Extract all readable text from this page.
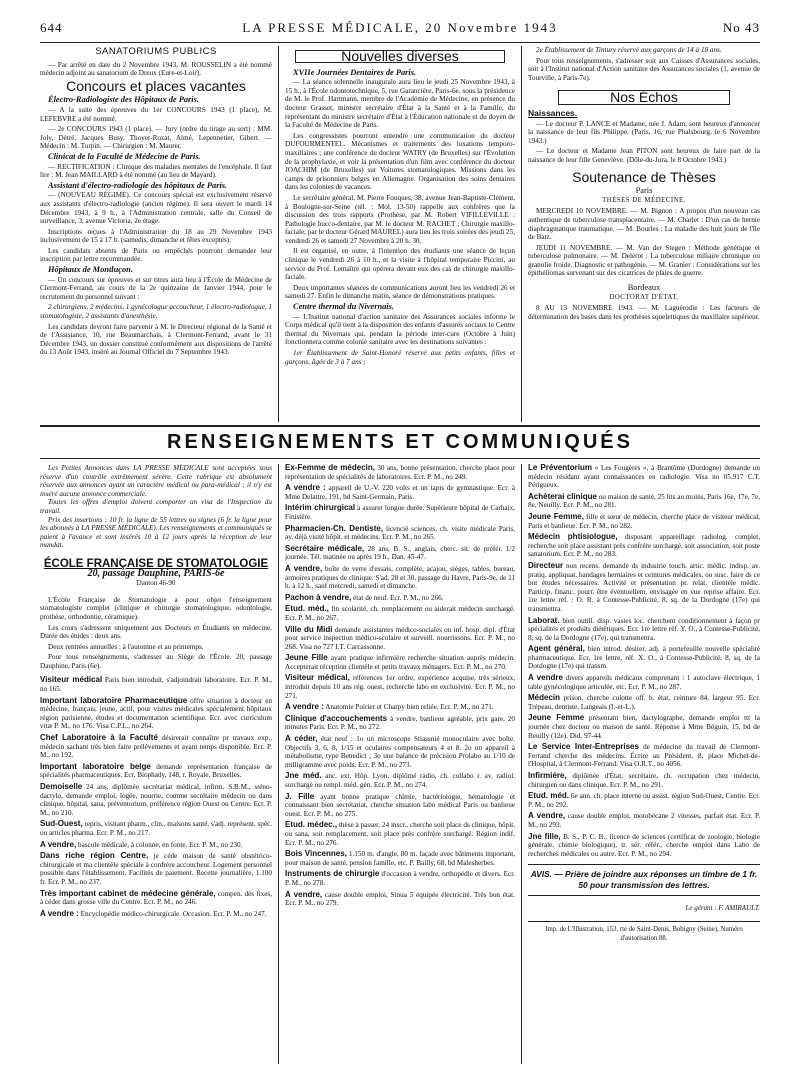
644	LA PRESSE MÉDICALE, 20 Novembre 1943	No 43
SANATORIUMS PUBLICS

— Par arrêté en date du 2 Novembre 1943, M. ROUSSELIN a été nommé médecin adjoint au sanatorium de Dreux (Eure-et-Loir).

Concours et places vacantes
Électro-Radiologiste des Hôpitaux de Paris.

— A la suite des épreuves du 1er CONCOURS 1943 (1 place), M. LEFEBVRE a été nommé.

— 2e CONCOURS 1943 (1 place). — Jury (ordre du tirage au sort) : MM. Joly, Détré, Jacques Busy, Thoyer-Rozat, Aimé, Lepennetier, Gibert. — Médecin : M. Turpin. — Chirurgien : M. Maurer.

Clinicat de la Faculté de Médecine de Paris.

— RECTIFICATION : Clinique des maladies mentales de l'encéphale. Il faut lire : M. Jean MAILLARD à été nommé (au lieu de Mayard).

Assistant d'électro-radiologie des hôpitaux de Paris.

— (NOUVEAU RÉGIME). Ce concours spécial est exclusivement réservé aux assistants d'électro-radiologie (ancien régime). Il sera ouvert le mardi 14 Décembre 1943, à 9 h., à l'Administration centrale, salle du Conseil de surveillance, 3, avenue Victoria, 2e étage.

Inscriptions reçues à l'Administration du 18 au 29 Novembre 1943 inclusivement de 15 à 17 h. (samedis, dimanche et fêtes exceptés).

Les candidats absents de Paris ou empêchés pourront demander leur inscription par lettre recommandée.

Hôpitaux de Montluçon.

— Un concours sur épreuves et sur titres aura lieu à l'École de Médecine de Clermont-Ferrand, au cours de la 2e quinzaine de Janvier 1944, pour le recrutement du personnel suivant :

2 chirurgiens, 2 médecins, 1 gynécologue accoucheur, 1 électro-radiologue, 1 stomatologiste, 2 assistants d'anesthésie.

Les candidats devront faire parvenir à M. le Directeur régional de la Santé et de l'Assistance, 10, rue Beaumarchais, à Clermont-Ferrand, avant le 31 Décembre 1943, un dossier constitué conformément aux dispositions de l'arrêté du 13 Août 1943, inséré au Journal Officiel du 7 Septembre 1943.

Nouvelles diverses
XVIIe Journées Dentaires de Paris.

— La séance solennelle inaugurale aura lieu le jeudi 25 Novembre 1943, à 15 h., à l'École odontotechnique, 5, rue Garancière, Paris-6e, sous la présidence de M. le Prof. Hartmann, membre de l'Académie de Médecine, en présence du docteur Grasset, ministre secrétaire d'État à la Santé et à la Famille, du représentant du ministre secrétaire d'État à l'Éducation nationale et du doyen de la Faculté de Médecine de Paris.

Les congressistes pourront entendre une communication du docteur DUFOURMENTEL. Mécanismes et traitements des luxations temporo-maxillaires ; une conférence du docteur WATRY (de Bruxelles) sur l'Évolution de la prophylaxie, et voir la présentation d'un film avec conférence du docteur JOACHIM (de Bruxelles) sur Voitures stomatologiques. Missions dans les camps de prisonniers belges en Allemagne. Organisation des soins dentaires dans les colonies de vacances.

Le secrétaire général, M. Pierre Fouques, 38, avenue Jean-Baptiste-Clément, à Boulogne-sur-Seine (tél. : Mol. 13-50) rappelle aux confrères que la discussion des trois rapports (Prothèse, par M. Robert VIFILLEVILLE : Pathologie bucco-dentaire, par M. le docteur M. RACHET ; Chirurgie maxillo-faciale, par le docteur Gérard MAUREL) aura lieu les trois soirées des jeudi 25, vendredi 26 et samedi 27 Novembre à 20 h. 30.

Il est organisé, en outre, à l'intention des étudiants une séance de leçon clinique le vendredi 26 à 10 h., et la visite à l'hôpital temporaire Piccini, au service du Prof. Lemaître qui opérera devant eux des cas de chirurgie maxillo-faciale.

Deux importantes séances de communications auront lieu les vendredi 26 et samedi 27. Enfin le dimanche matin, séance de démonstrations pratiques.

Centre thermal du Nivernais.

— L'Institut national d'action sanitaire des Assurances sociales informe le Corps médical qu'il tient à la disposition des enfants d'assurés sociaux le Centre thermal du Nivernais qui, pendant la période inter-cure (Octobre à Juin) fonctionnera comme colonie sanitaire avec les destinations suivantes :

1er Établissement de Saint-Honoré réservé aux petits enfants, filles et garçons, âgés de 3 à 7 ans ;

2e Établissement de Tintury réservé aux garçons de 14 à 18 ans.

Pour tous renseignements, s'adresser soit aux Caisses d'Assurances sociales, soit à l'Institut national d'Action sanitaire des Assurances sociales (1, avenue de Tourville, à Paris-7e).

Nos Échos
Naissances.

— Le docteur P. LANCE et Madame, née J. Adam, sont heureux d'annoncer la naissance de leur fils Philippe. (Paris, 16, rue Phalsbourg, le 6 Novembre 1943.)

— Le docteur et Madame Jean PITON sont heureux de faire part de la naissance de leur fille Geneviève. (Dôle-du-Jura, le 8 Octobre 1943.)

Soutenance de Thèses
Paris
THÈSES DE MÉDECINE.

MERCREDI 10 NOVEMBRE. — M. Bignon : A propos d'un nouveau cas authentique de tuberculose transplacentaire. — M. Charlet : D'un cas de hernie diaphragmatique traumatique. — M. Bourles : La maladie des huit jours de l'île de Batz.

JEUDI 11 NOVEMBRE. — M. Van der Stegen : Méthode génétique et tuberculose pulmonaire. — M. Delérot : La tuberculose miliaire chronique ou granulie froide. Diagnostic et pathogénie. — M. Granier : Considérations sur les épithéliomas survenant sur des cicatrices de plaies de guerre.

Bordeaux
DOCTORAT D'ÉTAT.

8 AU 13 NOVEMBRE 1943. — M. Laguérodie : Les facteurs de détermination des bases dans les prothèses squelettiques du maxillaire supérieur.

RENSEIGNEMENTS ET COMMUNIQUÉS

Les Petites Annonces dans LA PRESSE MÉDICALE sont acceptées sous réserve d'un contrôle extrêmement sévère. Cette rubrique est absolument réservée aux annonces ayant un caractère médical ou para-médical ; il n'y est inséré aucune annonce commerciale.

Toutes les offres d'emploi doivent comporter un visa de l'Inspection du travail.

Prix des insertions : 10 fr. la ligne de 55 lettres ou signes (6 fr. la ligne pour les abonnés à LA PRESSE MÉDICALE). Les renseignements et communiqués se paient à l'avance et sont insérés 10 à 12 jours après la réception de leur mandat.

ÉCOLE FRANÇAISE DE STOMATOLOGIE
20, passage Dauphine, PARIS-6e
Danton 46-90

L'École Française de Stomatologie a pour objet l'enseignement stomatologiste complet (clinique et chirurgie stomatologique, odontologie, prothèse, orthodontie, céramique).

Les cours s'adressent uniquement aux Docteurs et Étudiants en médecine. Durée des études : deux ans.

Deux rentrées annuelles : à l'automne et au printemps.

Pour tous renseignements, s'adresser au Siège de l'École. 20, passage Dauphine, Paris (6e).

Visiteur médical Paris bien introduit, s'adjoindrait laboratoire. Ecr. P. M., no 165.

Important laboratoire Pharmaceutique offre situation à docteur en médecine, français, jeune, actif, pour visites médicales spécialement hôpitaux région parisienne, études et documentation scientifique. Ecr. avec curriculum vitæ P. M., no 176. Visa C.P.L., no 264.

Chef Laboratoire à la Faculté désirerait connaître pr travaux exp., médecin sachant très bien faire prélèvements et ayant temps disponible. Ecr. P. M., no 192.

Important laboratoire belge demande représentation française de spécialités pharmaceutiques. Ecr. Biophady, 148, r. Royale, Bruxelles.

Demoiselle 24 ans, diplômée secrétariat médical, infirm. S.B.M., sténo-dactylo, demande emploi, logée, nourrie, comme secrétaire médecin ou dans clinique, hôpital, sana, préventorium, préférence région Ouest ou Centre. Ecr. P. M., no 210.

Sud-Ouest, repris, visitant pharm., clin., maisons santé, s'adj. représent. spéc. ou articles pharma. Ecr. P. M., no 217.

A vendre, bascule médicale, à colonne, en fonte. Ecr. P. M., no 230.

Dans riche région Centre, je céde maison de santé obstétrico-chirurgicale et ma clientèle spéciale à confrère accoucheur. Logement personnel possible dans l'établissement. Facilités de paiement. Recette journalière, 1.100 fr. Ecr. P. M., no 237.

Très important cabinet de médecine générale, compen. dès fixes, à céder dans grosse ville du Centre. Ecr. P. M., no 246.

A vendre : Encyclopédie médico-chirurgicale. Occasion. Ecr. P. M., no 247.

Ex-Femme de médecin, 30 ans, bonne présentation, cherche place pour représentation de spécialités de laboratoires. Ecr. P. M., no 249.

A vendre : appareil de U.-V. 220 volts et un tapis de gymnastique. Ecr. à Mme Delattre, 191, bd Saint-Germain, Paris.

Intérim chirurgical à assurer longue durée. Supérieure hôpital de Carhaix, Finistère.

Pharmacien-Ch. Dentiste, licencié sciences, ch. visite médicale Paris, ay. déjà visité hôpit. et médecins. Ecr. P. M., no 265.

Secrétaire médicale, 28 ans, B. S., anglais, cherc. sit. de préfér. 1/2 journée. Tél. matinée ou après 19 h., Dan. 45-47.

A vendre, boîte de verre d'essais, complète, acajou, sièges, tables, bureau, armoires pratiques de clinique. S'ad. 28 et 30, passage du Havre, Paris-9e, de 11 h. à 12 h., sauf mercredi, samedi et dimanche.

Pachon à vendre, état de neuf. Ecr. P. M., no 266.

Etud. méd., fin scolarité, ch. remplacement ou aiderait médecin surchargé. Ecr. P. M., no 267.

Ville du Midi demande assistantes médico-sociales ou inf. hosp. dipl. d'État pour service inspection médico-scolaire et surveill. nourrissons. Ecr. P. M., no 268. Visa no 727 I.T. Carcassonne.

Jeune Fille ayant pratique infirmière recherche situation auprès médecin. Accepterait réception clientèle et petits travaux ménagers. Ecr. P. M., no 270.

Visiteur médical, références 1er ordre, expérience acquise, très sérieux, introduit depuis 10 ans rég. ouest, recherche labo en exclusivité. Ecr. P. M., no 271.

A vendre : Anatomie Poirier et Charpy bien reliée. Ecr. P. M., no 271.

Clinique d'accouchements à vendre, banlieue agréable, prix gare, 20 minutes Paris. Ecr. P. M., no 272.

A céder, état neuf : 1o un microscope Stiassnié monoculaire avec boîte. Objectifs 3, 6, 8, 1/15 et oculaires compensateurs 4 et 8. 2o un appareil à métabolisme, type Benedict ; 3o une balance de précision Prolabo au 1/10 de milligramme avec poids. Ecr. P. M., no 273.

Jne méd. anc. ext. Hôp. Lyon, diplômé radio, ch. collabo r. av. radiol. surchargé ou rempl. méd. gén. Ecr. P. M., no 274.

J. Fille ayant bonne pratique chimie, bactériologie, hématologie et connaissant bien secrétariat, cherche situation labo médical Paris ou banlieue ouest. Ecr. P. M., no 275.

Etud. médec., thèse à passer, 24 inscr., cherche soit place ds clinique, hôpit. ou sana, soit remplacement, soit place près confrère surchargé. Région indif. Ecr. P. M., no 276.

Bois Vincennes, 1.150 m. d'angle, 80 m. façade avec bâtiments important, pour maison de santé, pension famille, etc. P. Bailly, 68, bd Malesherbes.

Instruments de chirurgie d'occasion à vendre, orthopédie et divers. Ecr. P. M., no 278.

A vendre, cause double emploi, Sinua 5 équipée électricité. Très bon état. Ecr. P. M., no 279.

Le Préventorium « Les Fougères », à Brantôme (Dordogne) demande un médecin résidant ayant connaissances en radiologie. Visa no 05.917 C.T. Périgueux.

Achèterai clinique ou maison de santé, 25 lits au moins, Paris 16e, 17e, 7e, 8e, Neuilly. Ecr. P. M., no 281.

Jeune Femme, fille et sœur de médecin, cherche place de visiteur médical, Paris et banlieue. Ecr. P. M., no 282.

Médecin phtisiologue, disposant appareillage radiolog. complet, recherche soit place assistant près confrère surchargé, soit association, soit poste sanatorium. Ecr. P. M., no 283.

Directeur non recens. demandé ds industrie touch. artic. médic. indisp. av. pratiq. appliquat. bandages herniaires et ceintures médicales, ou susc. faire ds ce but études nécessaires. Activité et présentation pr. relat. clientèle médic. Particip. financ. pourr. être éventuellem. envisagée en vue reprise affaire. Ecr. 1re lettre réf. : O. R. à Contesse-Publicité, 8, sq. de la Dordogne (17e) qui transmettra.

Laborat. bien outill. disp. vastes loc. cherchent conditionnement à façon pr spécialités et produits diététiques. Ecr. 1re lettre réf. Y. O., à Contesse-Publicité, 8, sq. de la Dordogne (17e), qui transmettra.

Agent général, bien introd. désirer. adj. à portefeuille nouvelle spécialité pharmaceutique. Ecr. 1re lettre, réf. X. O., à Contesse-Publicité, 8, sq. de la Dordogne (17e) qui transm.

A vendre divers appareils médicaux comprenant : 1 autoclave électrique, 1 table gynécologique articulée, etc. Ecr. P. M., no 287.

Médecin prison. cherche culotte off. b. état, ceinture 84, largeur 95. Ecr. Trépeau, dentiste, Langeais (I.-et-L.).

Jeune Femme présentant bien, dactylographe, demande emploi ttt la journée chez docteur ou maison de santé. Réponse à Mme Béguin, 15, bd de Reuilly (12e). Did. 97-44.

Le Service Inter-Entreprises de médecine du travail de Clermont-Ferrand cherche des médecins. Écrire au Président, 8, place Michel-de-l'Hospital, à Clermont-Ferrand. Visa O.R.T., no 4056.

Infirmière, diplômée d'État, secrétaire, ch. occupation chez médecin, chirurgien ou dans clinique. Ecr. P. M., no 291.

Etud. méd. 6e ann. ch. place interne ou assist. région Sud-Ouest, Centre. Ecr. P. M., no 292.

A vendre, cause double emploi, motobécane 2 vitesses, parfait état. Ecr. P. M., no 293.

Jne fille, B. S., P. C. B., licence de sciences (certificat de zoologie, biologie générale, chimie biologique), tr. sér. référ., cherche emploi dans Labo de recherches médicales ou autre. Ecr. P. M., no 294.

AVIS. — Prière de joindre aux réponses un timbre de 1 fr. 50 pour transmission des lettres.
Le gérant : F. AMIRAULT.
Imp. de L'Illustration, 153, rte de Saint-Denis, Bobigny (Seine), Numéro d'autorisation 88.
